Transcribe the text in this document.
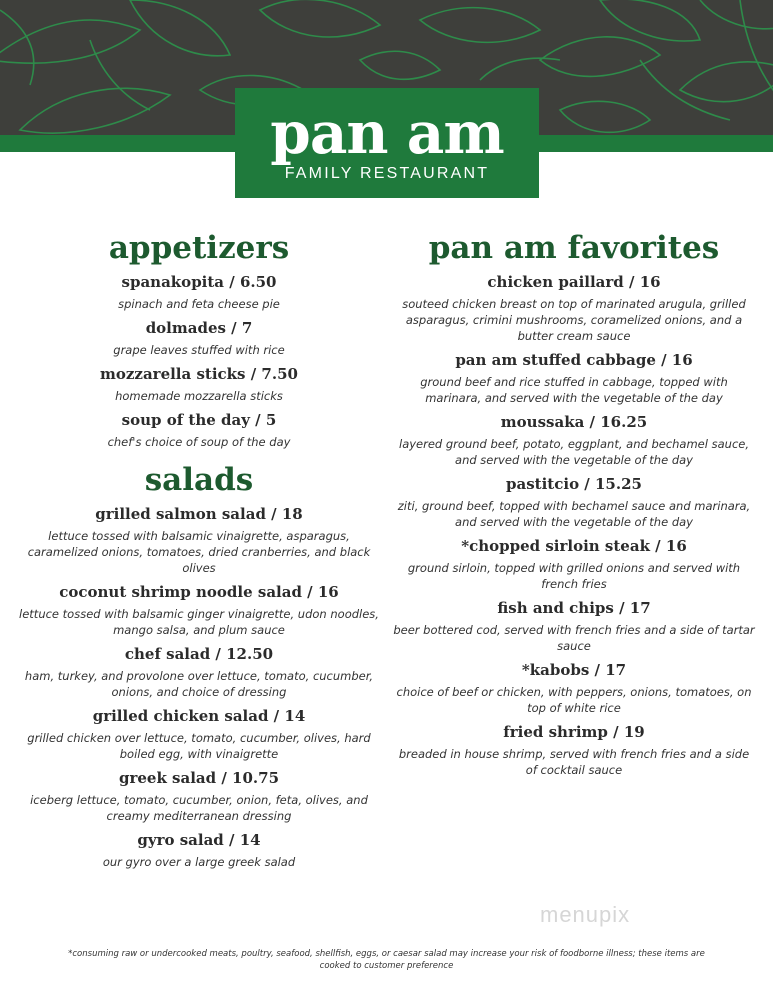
pan am
FAMILY RESTAURANT
appetizers
spanakopita / 6.50
spinach and feta cheese pie
dolmades / 7
grape leaves stuffed with rice
mozzarella sticks / 7.50
homemade mozzarella sticks
soup of the day / 5
chef's choice of soup of the day
salads
grilled salmon salad / 18
lettuce tossed with balsamic vinaigrette, asparagus, caramelized onions, tomatoes, dried cranberries, and black olives
coconut shrimp noodle salad / 16
lettuce tossed with balsamic ginger vinaigrette, udon noodles, mango salsa, and plum sauce
chef salad / 12.50
ham, turkey, and provolone over lettuce, tomato, cucumber, onions, and choice of dressing
grilled chicken salad / 14
grilled chicken over lettuce, tomato, cucumber, olives, hard boiled egg, with vinaigrette
greek salad / 10.75
iceberg lettuce, tomato, cucumber, onion, feta, olives, and creamy mediterranean dressing
gyro salad / 14
our gyro over a large greek salad
pan am favorites
chicken paillard / 16
souteed chicken breast on top of marinated arugula, grilled asparagus, crimini mushrooms, coramelized onions, and a butter cream sauce
pan am stuffed cabbage / 16
ground beef and rice stuffed in cabbage, topped with marinara, and served with the vegetable of the day
moussaka / 16.25
layered ground beef, potato, eggplant, and bechamel sauce, and served with the vegetable of the day
pastitcio / 15.25
ziti, ground beef, topped with bechamel sauce and marinara, and served with the vegetable of the day
*chopped sirloin steak / 16
ground sirloin, topped with grilled onions and served with french fries
fish and chips / 17
beer bottered cod, served with french fries and a side of tartar sauce
*kabobs / 17
choice of beef or chicken, with peppers, onions, tomatoes, on top of white rice
fried shrimp / 19
breaded in house shrimp, served with french fries and a side of cocktail sauce
menupix
*consuming raw or undercooked meats, poultry, seafood, shellfish, eggs, or caesar salad may increase your risk of foodborne illness; these items are cooked to customer preference
